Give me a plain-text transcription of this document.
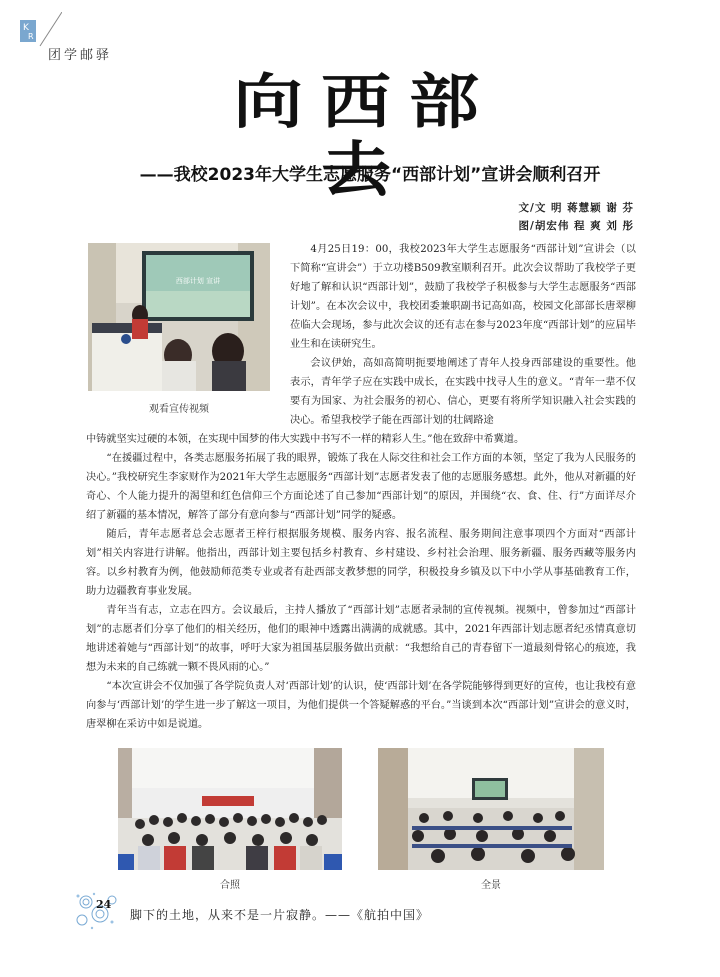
K
R
团学邮驿
向西部去
——我校2023年大学生志愿服务“西部计划”宣讲会顺利召开
文/文 明 蒋慧颖 谢 芬
图/胡宏伟 程 爽 刘 彤
西部计划 宣讲
观看宣传视频

4月25日19：00，我校2023年大学生志愿服务“西部计划”宣讲会（以下简称“宣讲会”）于立功楼B509教室顺利召开。此次会议帮助了我校学子更好地了解和认识“西部计划”，鼓励了我校学子积极参与大学生志愿服务“西部计划”。在本次会议中，我校团委兼职副书记高如高，校园文化部部长唐翠柳莅临大会现场，参与此次会议的还有志在参与2023年度“西部计划”的应届毕业生和在读研究生。

会议伊始，高如高简明扼要地阐述了青年人投身西部建设的重要性。他表示，青年学子应在实践中成长，在实践中找寻人生的意义。“青年一辈不仅要有为国家、为社会服务的初心、信心，更要有将所学知识融入社会实践的决心。希望我校学子能在西部计划的壮阔路途

中铸就坚实过硬的本领，在实现中国梦的伟大实践中书写不一样的精彩人生。”他在致辞中希冀道。

“在援疆过程中，各类志愿服务拓展了我的眼界，锻炼了我在人际交往和社会工作方面的本领，坚定了我为人民服务的决心。”我校研究生李家财作为2021年大学生志愿服务“西部计划”志愿者发表了他的志愿服务感想。此外，他从对新疆的好奇心、个人能力提升的渴望和红色信仰三个方面论述了自己参加“西部计划”的原因，并围绕“衣、食、住、行”方面详尽介绍了新疆的基本情况，解答了部分有意向参与“西部计划”同学的疑惑。

随后，青年志愿者总会志愿者王梓行根据服务规模、服务内容、报名流程、服务期间注意事项四个方面对“西部计划”相关内容进行讲解。他指出，西部计划主要包括乡村教育、乡村建设、乡村社会治理、服务新疆、服务西藏等服务内容。以乡村教育为例，他鼓励师范类专业或者有赴西部支教梦想的同学，积极投身乡镇及以下中小学从事基础教育工作，助力边疆教育事业发展。

青年当有志，立志在四方。会议最后，主持人播放了“西部计划”志愿者录制的宣传视频。视频中，曾参加过“西部计划”的志愿者们分享了他们的相关经历，他们的眼神中透露出满满的成就感。其中，2021年西部计划志愿者纪丞情真意切地讲述着她与“西部计划”的故事，呼吁大家为祖国基层服务做出贡献：“我想给自己的青春留下一道最刻骨铭心的痕迹，我想为未来的自己练就一颗不畏风雨的心。”

“本次宣讲会不仅加强了各学院负责人对‘西部计划’的认识，使‘西部计划’在各学院能够得到更好的宣传，也让我校有意向参与‘西部计划’的学生进一步了解这一项目，为他们提供一个答疑解惑的平台。”当谈到本次“西部计划”宣讲会的意义时，唐翠柳在采访中如是说道。

合照	全景
24
脚下的土地，从来不是一片寂静。——《航拍中国》
